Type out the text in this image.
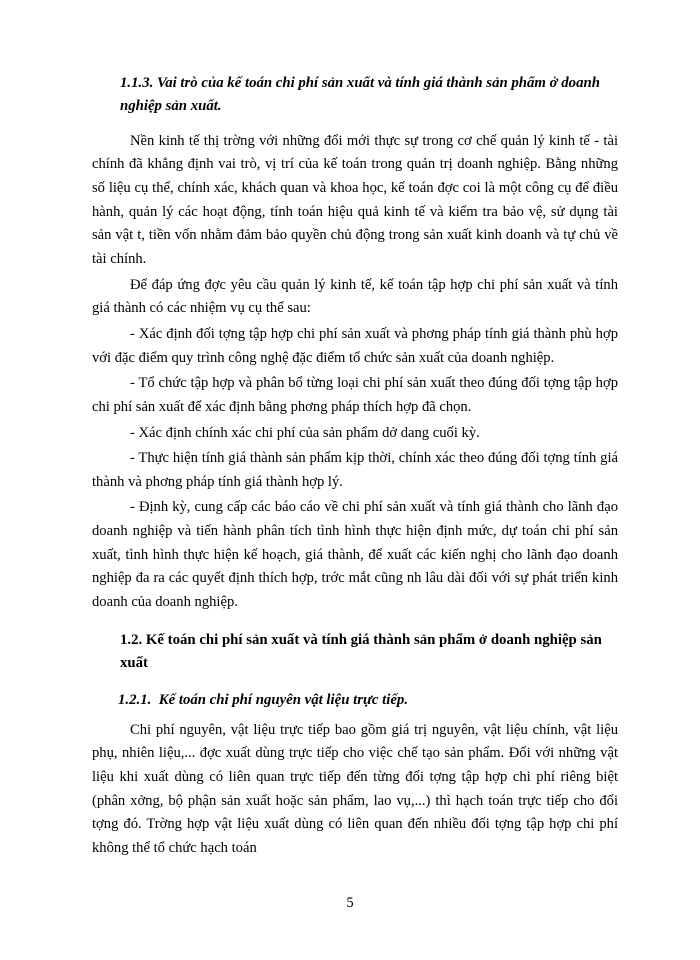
1.1.3. Vai trò của kế toán chi phí sản xuất và tính giá thành sản phẩm ở doanh nghiệp sản xuất.

Nền kinh tế thị trờng với những đổi mới thực sự trong cơ chế quản lý kinh tế - tài chính đã khẳng định vai trò, vị trí của kế toán trong quản trị doanh nghiệp. Bằng những số liệu cụ thể, chính xác, khách quan và khoa học, kế toán đợc coi là một công cụ để điều hành, quản lý các hoạt động, tính toán hiệu quả kinh tế và kiểm tra bảo vệ, sử dụng tài sản vật t, tiền vốn nhằm đảm bảo quyền chủ động trong sản xuất kinh doanh và tự chủ về tài chính.

Để đáp ứng đợc yêu cầu quản lý kinh tế, kế toán tập hợp chi phí sản xuất và tính giá thành có các nhiệm vụ cụ thể sau:

- Xác định đối tợng tập hợp chi phí sản xuất và phơng pháp tính giá thành phù hợp với đặc điểm quy trình công nghệ đặc điểm tổ chức sản xuất của doanh nghiệp.

- Tổ chức tập hợp và phân bổ từng loại chi phí sản xuất theo đúng đối tợng tập hợp chi phí sản xuất để xác định bằng phơng pháp thích hợp đã chọn.

- Xác định chính xác chi phí của sản phẩm dở dang cuối kỳ.

- Thực hiện tính giá thành sản phẩm kịp thời, chính xác theo đúng đối tợng tính giá thành và phơng pháp tính giá thành hợp lý.

- Định kỳ, cung cấp các báo cáo về chi phí sản xuất và tính giá thành cho lãnh đạo doanh nghiệp và tiến hành phân tích tình hình thực hiện định mức, dự toán chi phí sản xuất, tình hình thực hiện kế hoạch, giá thành, để xuất các kiến nghị cho lãnh đạo doanh nghiệp đa ra các quyết định thích hợp, trớc mắt cũng nh lâu dài đối với sự phát triển kinh doanh của doanh nghiệp.

1.2. Kế toán chi phí sản xuất và tính giá thành sản phẩm ở doanh nghiệp sản xuất
1.2.1. Kế toán chi phí nguyên vật liệu trực tiếp.

Chi phí nguyên, vật liệu trực tiếp bao gồm giá trị nguyên, vật liệu chính, vật liệu phụ, nhiên liệu,... đợc xuất dùng trực tiếp cho việc chế tạo sản phẩm. Đối với những vật liệu khi xuất dùng có liên quan trực tiếp đến từng đối tợng tập hợp chi phí riêng biệt (phân xởng, bộ phận sản xuất hoặc sản phẩm, lao vụ,...) thì hạch toán trực tiếp cho đối tợng đó. Trờng hợp vật liệu xuất dùng có liên quan đến nhiều đối tợng tập hợp chi phí không thể tổ chức hạch toán

5
